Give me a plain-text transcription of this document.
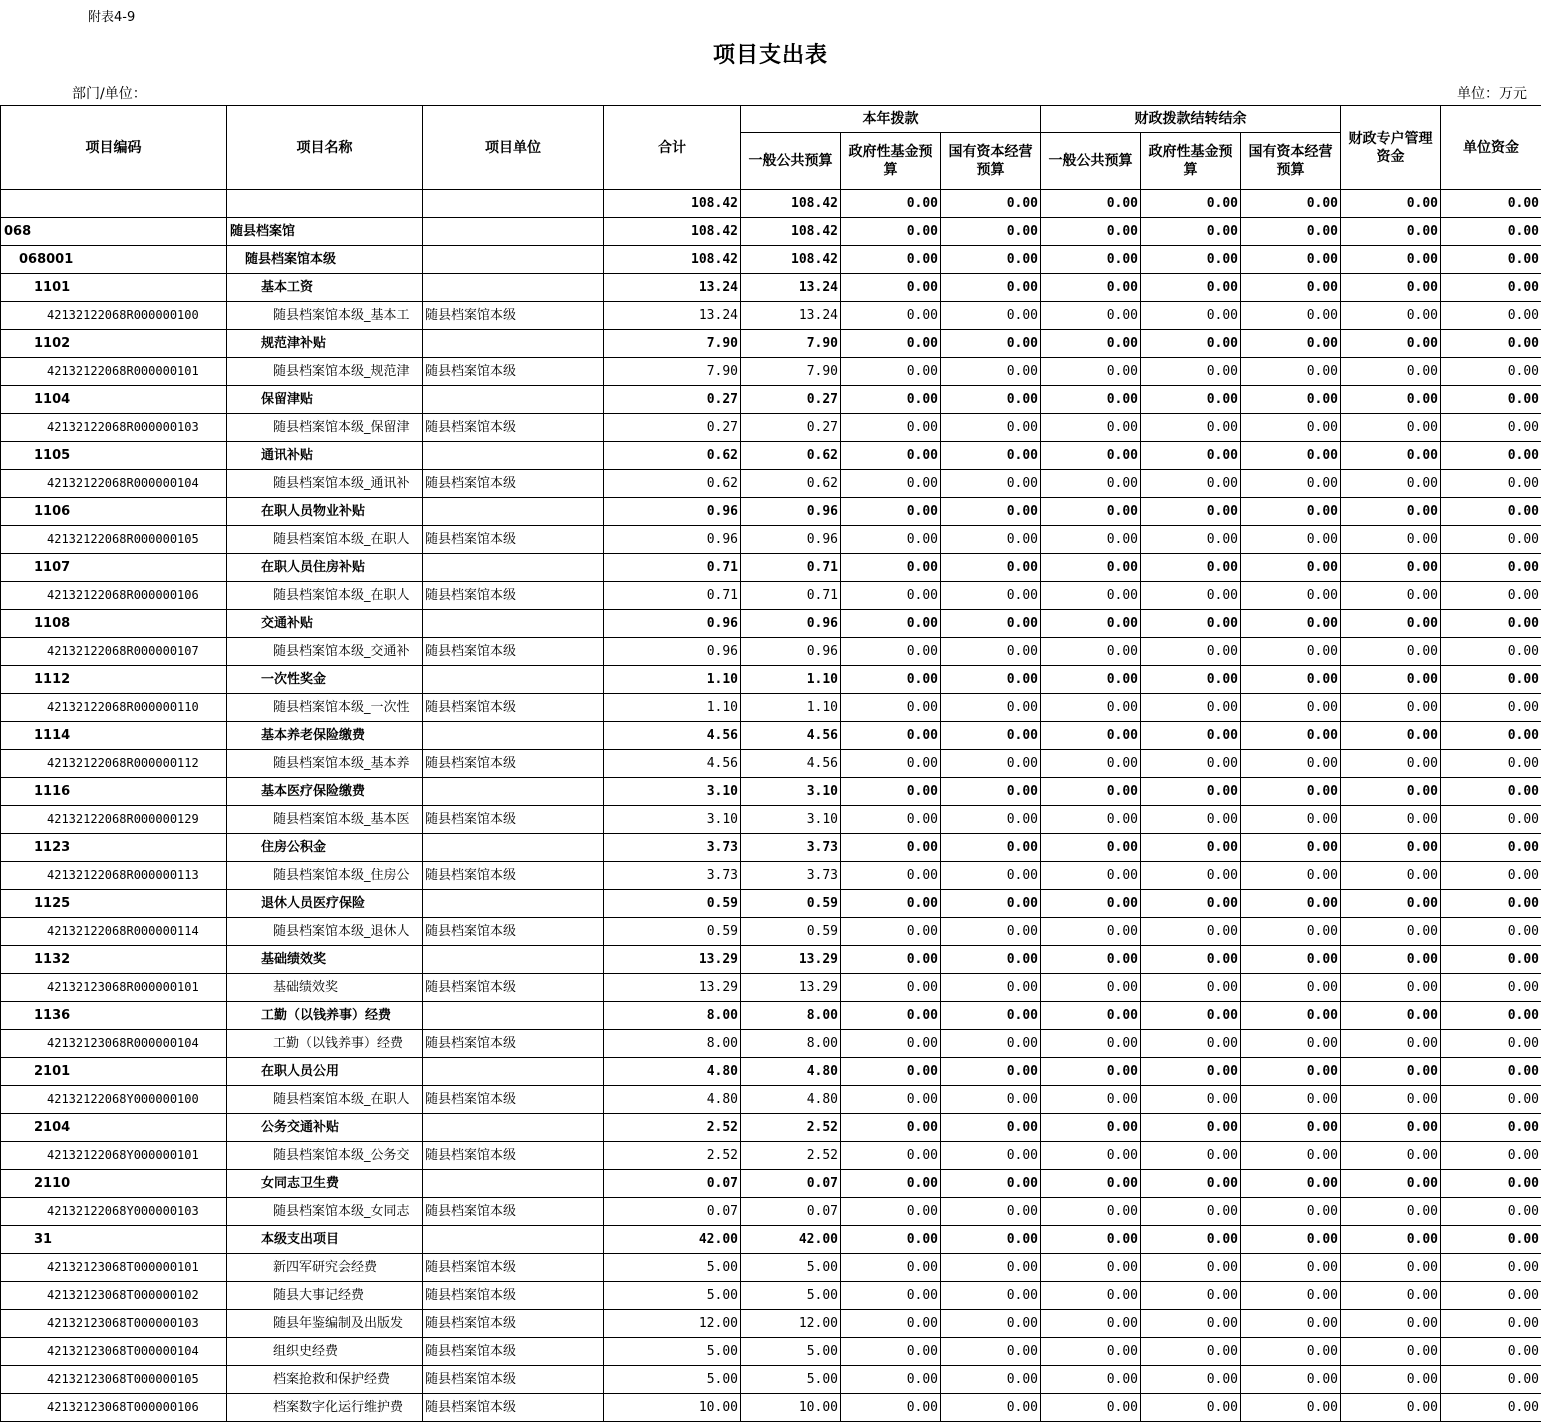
附表4-9
项目支出表
部门/单位：	单位：万元
项目编码	项目名称	项目单位	合计	本年拨款			财政拨款结转结余			财政专户管理资金	单位资金
				一般公共预算	政府性基金预算	国有资本经营预算	一般公共预算	政府性基金预算	国有资本经营预算		
			108.42	108.42	0.00	0.00	0.00	0.00	0.00	0.00	0.00
068	随县档案馆		108.42	108.42	0.00	0.00	0.00	0.00	0.00	0.00	0.00
068001	随县档案馆本级		108.42	108.42	0.00	0.00	0.00	0.00	0.00	0.00	0.00
1101	基本工资		13.24	13.24	0.00	0.00	0.00	0.00	0.00	0.00	0.00
42132122068R000000100	随县档案馆本级_基本工	随县档案馆本级	13.24	13.24	0.00	0.00	0.00	0.00	0.00	0.00	0.00
1102	规范津补贴		7.90	7.90	0.00	0.00	0.00	0.00	0.00	0.00	0.00
42132122068R000000101	随县档案馆本级_规范津	随县档案馆本级	7.90	7.90	0.00	0.00	0.00	0.00	0.00	0.00	0.00
1104	保留津贴		0.27	0.27	0.00	0.00	0.00	0.00	0.00	0.00	0.00
42132122068R000000103	随县档案馆本级_保留津	随县档案馆本级	0.27	0.27	0.00	0.00	0.00	0.00	0.00	0.00	0.00
1105	通讯补贴		0.62	0.62	0.00	0.00	0.00	0.00	0.00	0.00	0.00
42132122068R000000104	随县档案馆本级_通讯补	随县档案馆本级	0.62	0.62	0.00	0.00	0.00	0.00	0.00	0.00	0.00
1106	在职人员物业补贴		0.96	0.96	0.00	0.00	0.00	0.00	0.00	0.00	0.00
42132122068R000000105	随县档案馆本级_在职人	随县档案馆本级	0.96	0.96	0.00	0.00	0.00	0.00	0.00	0.00	0.00
1107	在职人员住房补贴		0.71	0.71	0.00	0.00	0.00	0.00	0.00	0.00	0.00
42132122068R000000106	随县档案馆本级_在职人	随县档案馆本级	0.71	0.71	0.00	0.00	0.00	0.00	0.00	0.00	0.00
1108	交通补贴		0.96	0.96	0.00	0.00	0.00	0.00	0.00	0.00	0.00
42132122068R000000107	随县档案馆本级_交通补	随县档案馆本级	0.96	0.96	0.00	0.00	0.00	0.00	0.00	0.00	0.00
1112	一次性奖金		1.10	1.10	0.00	0.00	0.00	0.00	0.00	0.00	0.00
42132122068R000000110	随县档案馆本级_一次性	随县档案馆本级	1.10	1.10	0.00	0.00	0.00	0.00	0.00	0.00	0.00
1114	基本养老保险缴费		4.56	4.56	0.00	0.00	0.00	0.00	0.00	0.00	0.00
42132122068R000000112	随县档案馆本级_基本养	随县档案馆本级	4.56	4.56	0.00	0.00	0.00	0.00	0.00	0.00	0.00
1116	基本医疗保险缴费		3.10	3.10	0.00	0.00	0.00	0.00	0.00	0.00	0.00
42132122068R000000129	随县档案馆本级_基本医	随县档案馆本级	3.10	3.10	0.00	0.00	0.00	0.00	0.00	0.00	0.00
1123	住房公积金		3.73	3.73	0.00	0.00	0.00	0.00	0.00	0.00	0.00
42132122068R000000113	随县档案馆本级_住房公	随县档案馆本级	3.73	3.73	0.00	0.00	0.00	0.00	0.00	0.00	0.00
1125	退休人员医疗保险		0.59	0.59	0.00	0.00	0.00	0.00	0.00	0.00	0.00
42132122068R000000114	随县档案馆本级_退休人	随县档案馆本级	0.59	0.59	0.00	0.00	0.00	0.00	0.00	0.00	0.00
1132	基础绩效奖		13.29	13.29	0.00	0.00	0.00	0.00	0.00	0.00	0.00
42132123068R000000101	基础绩效奖	随县档案馆本级	13.29	13.29	0.00	0.00	0.00	0.00	0.00	0.00	0.00
1136	工勤（以钱养事）经费		8.00	8.00	0.00	0.00	0.00	0.00	0.00	0.00	0.00
42132123068R000000104	工勤（以钱养事）经费	随县档案馆本级	8.00	8.00	0.00	0.00	0.00	0.00	0.00	0.00	0.00
2101	在职人员公用		4.80	4.80	0.00	0.00	0.00	0.00	0.00	0.00	0.00
42132122068Y000000100	随县档案馆本级_在职人	随县档案馆本级	4.80	4.80	0.00	0.00	0.00	0.00	0.00	0.00	0.00
2104	公务交通补贴		2.52	2.52	0.00	0.00	0.00	0.00	0.00	0.00	0.00
42132122068Y000000101	随县档案馆本级_公务交	随县档案馆本级	2.52	2.52	0.00	0.00	0.00	0.00	0.00	0.00	0.00
2110	女同志卫生费		0.07	0.07	0.00	0.00	0.00	0.00	0.00	0.00	0.00
42132122068Y000000103	随县档案馆本级_女同志	随县档案馆本级	0.07	0.07	0.00	0.00	0.00	0.00	0.00	0.00	0.00
31	本级支出项目		42.00	42.00	0.00	0.00	0.00	0.00	0.00	0.00	0.00
42132123068T000000101	新四军研究会经费	随县档案馆本级	5.00	5.00	0.00	0.00	0.00	0.00	0.00	0.00	0.00
42132123068T000000102	随县大事记经费	随县档案馆本级	5.00	5.00	0.00	0.00	0.00	0.00	0.00	0.00	0.00
42132123068T000000103	随县年鉴编制及出版发	随县档案馆本级	12.00	12.00	0.00	0.00	0.00	0.00	0.00	0.00	0.00
42132123068T000000104	组织史经费	随县档案馆本级	5.00	5.00	0.00	0.00	0.00	0.00	0.00	0.00	0.00
42132123068T000000105	档案抢救和保护经费	随县档案馆本级	5.00	5.00	0.00	0.00	0.00	0.00	0.00	0.00	0.00
42132123068T000000106	档案数字化运行维护费	随县档案馆本级	10.00	10.00	0.00	0.00	0.00	0.00	0.00	0.00	0.00
